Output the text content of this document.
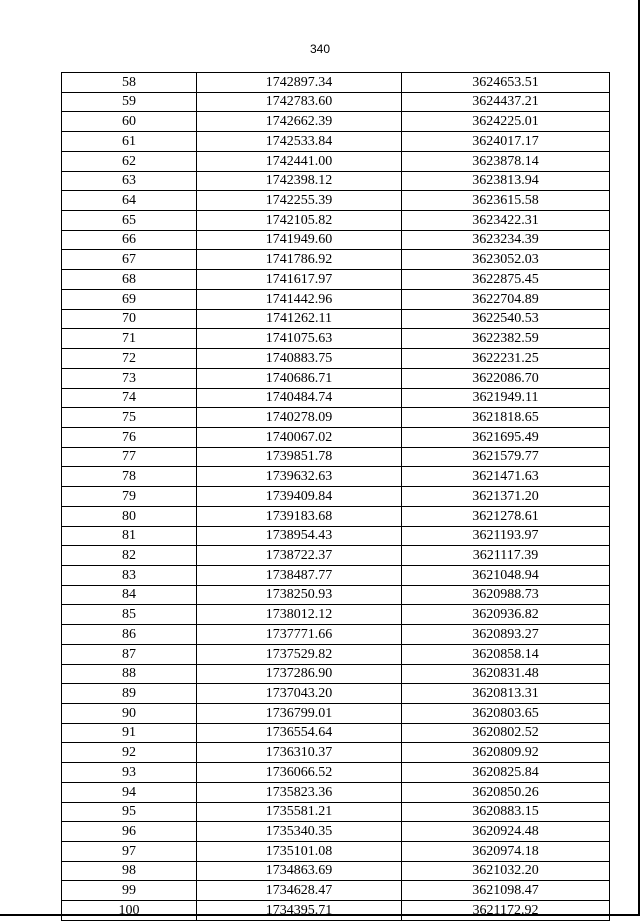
340
58	1742897.34	3624653.51
59	1742783.60	3624437.21
60	1742662.39	3624225.01
61	1742533.84	3624017.17
62	1742441.00	3623878.14
63	1742398.12	3623813.94
64	1742255.39	3623615.58
65	1742105.82	3623422.31
66	1741949.60	3623234.39
67	1741786.92	3623052.03
68	1741617.97	3622875.45
69	1741442.96	3622704.89
70	1741262.11	3622540.53
71	1741075.63	3622382.59
72	1740883.75	3622231.25
73	1740686.71	3622086.70
74	1740484.74	3621949.11
75	1740278.09	3621818.65
76	1740067.02	3621695.49
77	1739851.78	3621579.77
78	1739632.63	3621471.63
79	1739409.84	3621371.20
80	1739183.68	3621278.61
81	1738954.43	3621193.97
82	1738722.37	3621117.39
83	1738487.77	3621048.94
84	1738250.93	3620988.73
85	1738012.12	3620936.82
86	1737771.66	3620893.27
87	1737529.82	3620858.14
88	1737286.90	3620831.48
89	1737043.20	3620813.31
90	1736799.01	3620803.65
91	1736554.64	3620802.52
92	1736310.37	3620809.92
93	1736066.52	3620825.84
94	1735823.36	3620850.26
95	1735581.21	3620883.15
96	1735340.35	3620924.48
97	1735101.08	3620974.18
98	1734863.69	3621032.20
99	1734628.47	3621098.47
100	1734395.71	3621172.92
